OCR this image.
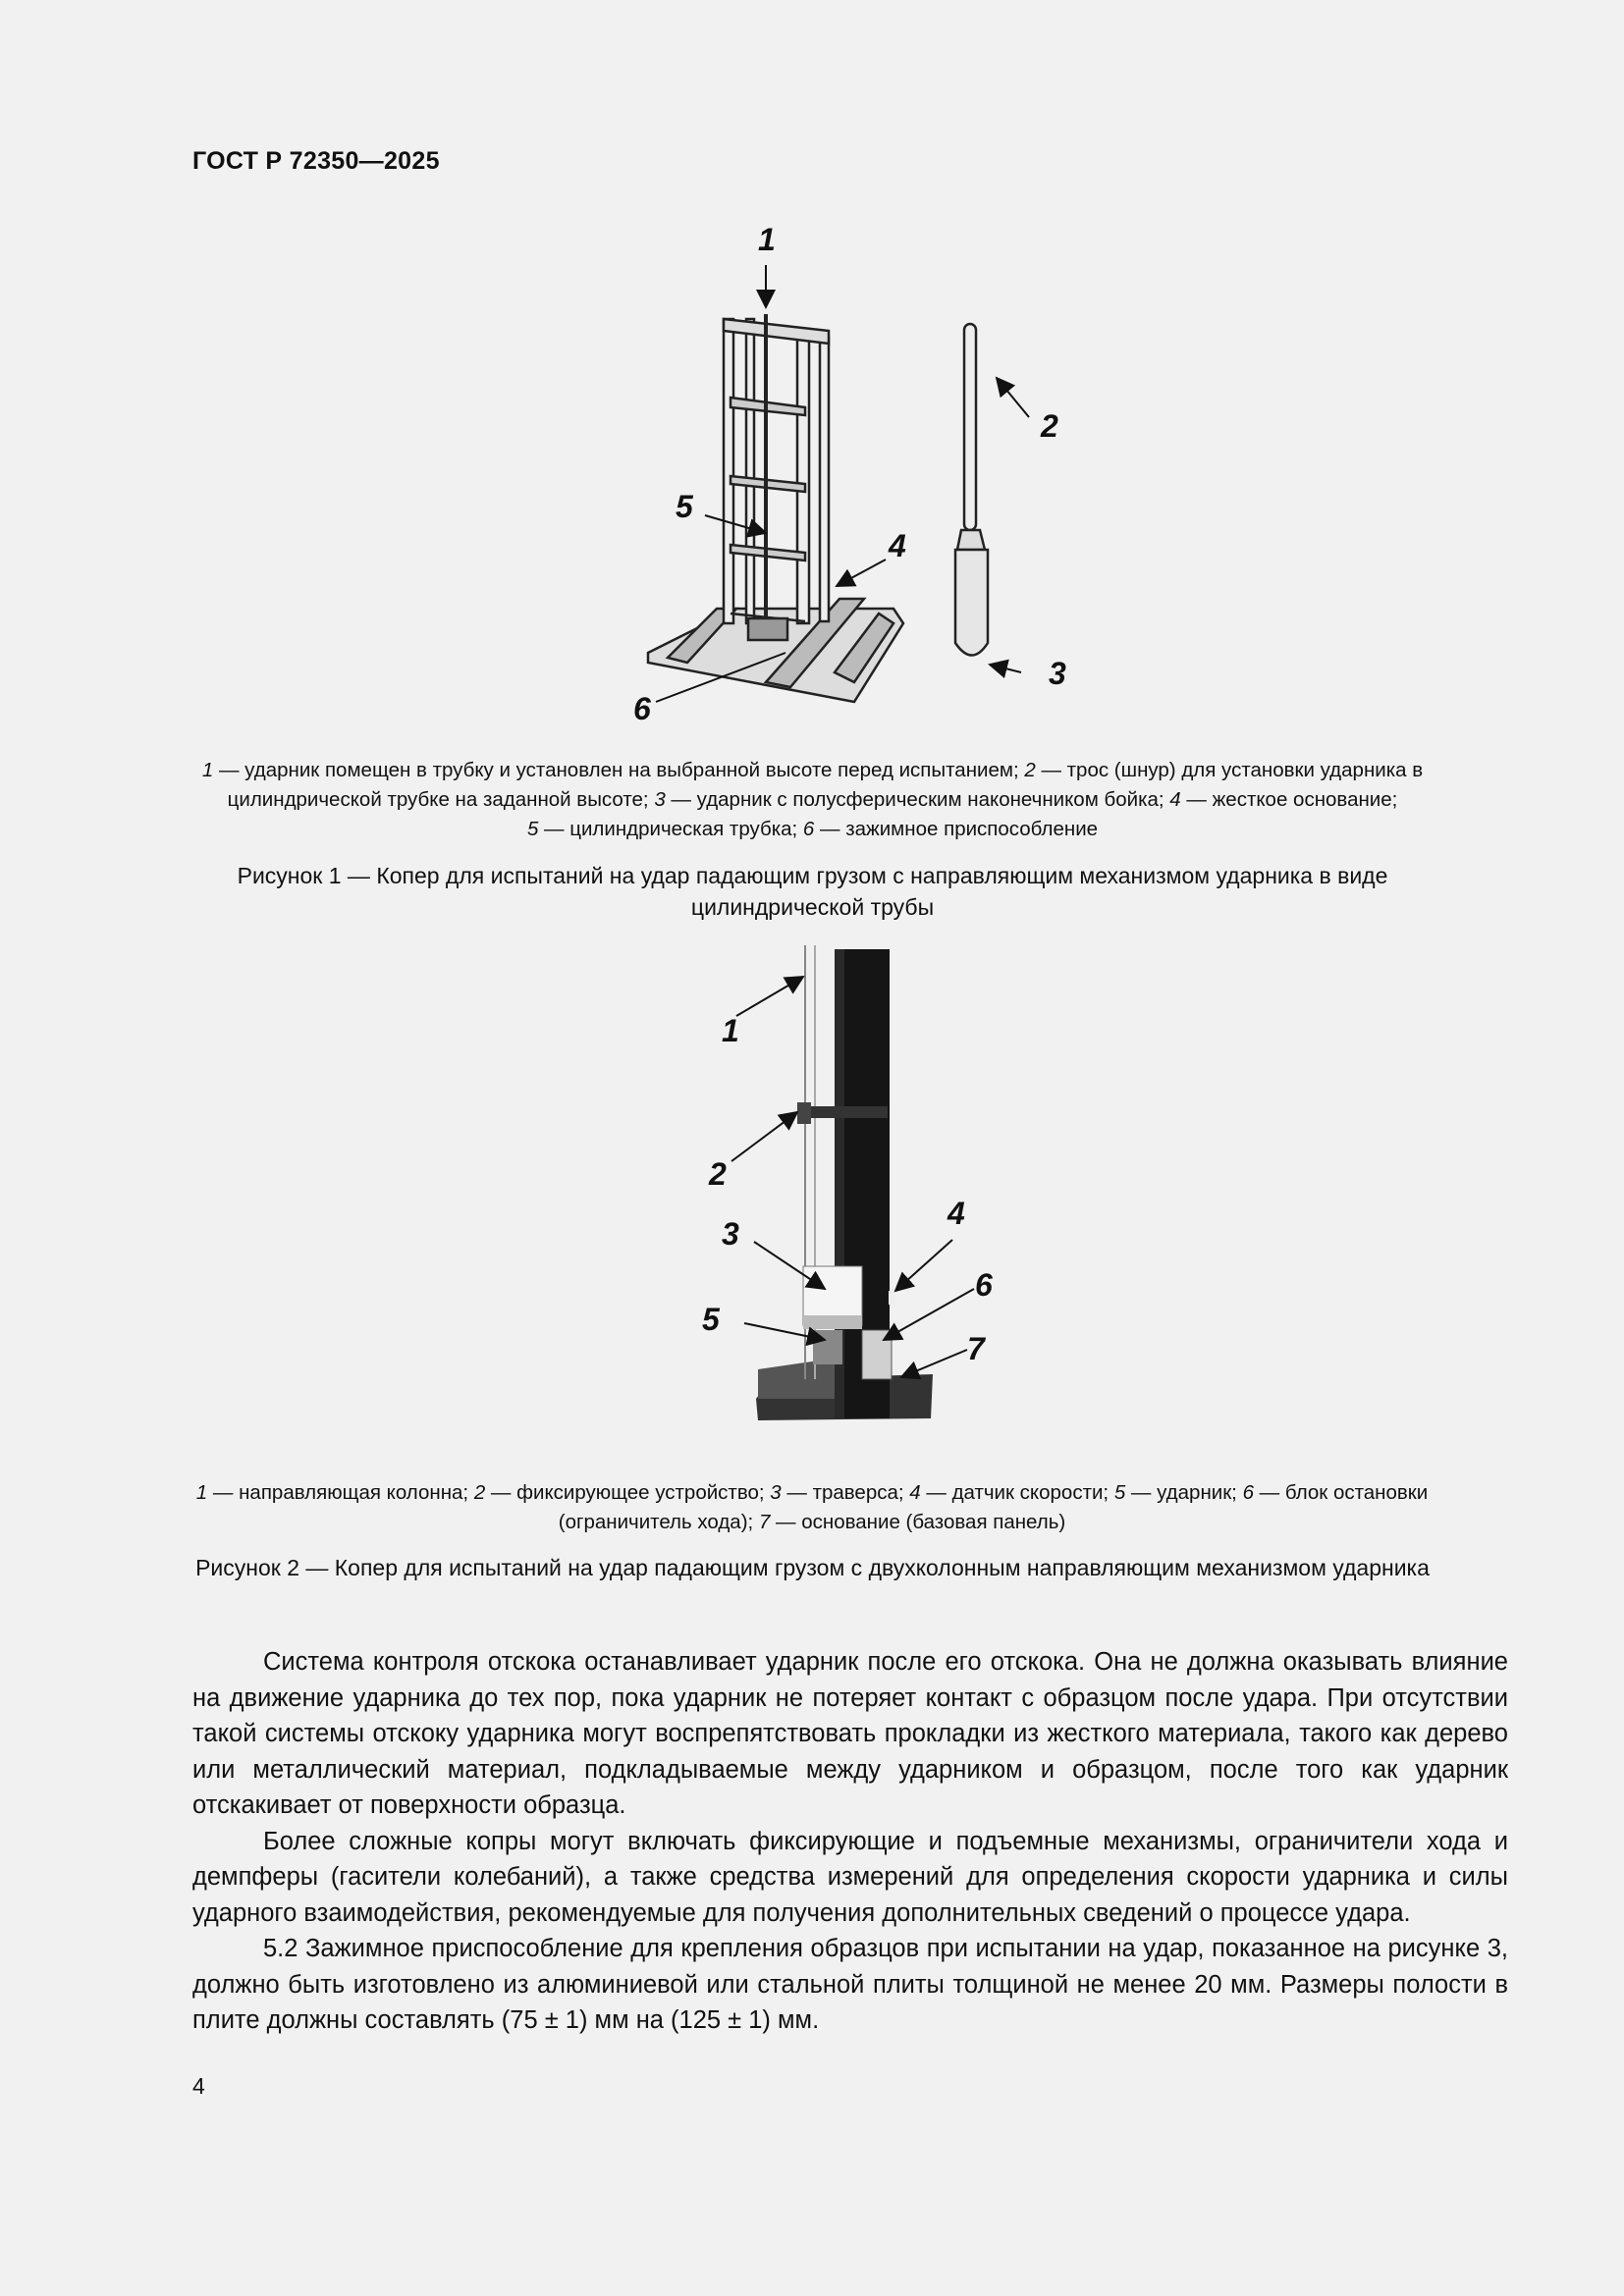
ГОСТ Р 72350—2025
1
2
3
4
5
6
1 — ударник помещен в трубку и установлен на выбранной высоте перед испытанием; 2 — трос (шнур) для установки ударника в цилиндрической трубке на заданной высоте; 3 — ударник с полусферическим наконечником бойка; 4 — жесткое основание;
5 — цилиндрическая трубка; 6 — зажимное приспособление
Рисунок 1 — Копер для испытаний на удар падающим грузом с направляющим механизмом ударника в виде цилиндрической трубы
1
2
3
4
5
6
7
1 — направляющая колонна; 2 — фиксирующее устройство; 3 — траверса; 4 — датчик скорости; 5 — ударник; 6 — блок остановки (ограничитель хода); 7 — основание (базовая панель)
Рисунок 2 — Копер для испытаний на удар падающим грузом с двухколонным направляющим механизмом ударника

Система контроля отскока останавливает ударник после его отскока. Она не должна оказывать влияние на движение ударника до тех пор, пока ударник не потеряет контакт с образцом после удара. При отсутствии такой системы отскоку ударника могут воспрепятствовать прокладки из жесткого материала, такого как дерево или металлический материал, подкладываемые между ударником и образцом, после того как ударник отскакивает от поверхности образца.

Более сложные копры могут включать фиксирующие и подъемные механизмы, ограничители хода и демпферы (гасители колебаний), а также средства измерений для определения скорости ударника и силы ударного взаимодействия, рекомендуемые для получения дополнительных сведений о процессе удара.

5.2 Зажимное приспособление для крепления образцов при испытании на удар, показанное на рисунке 3, должно быть изготовлено из алюминиевой или стальной плиты толщиной не менее 20 мм. Размеры полости в плите должны составлять (75 ± 1) мм на (125 ± 1) мм.

4
